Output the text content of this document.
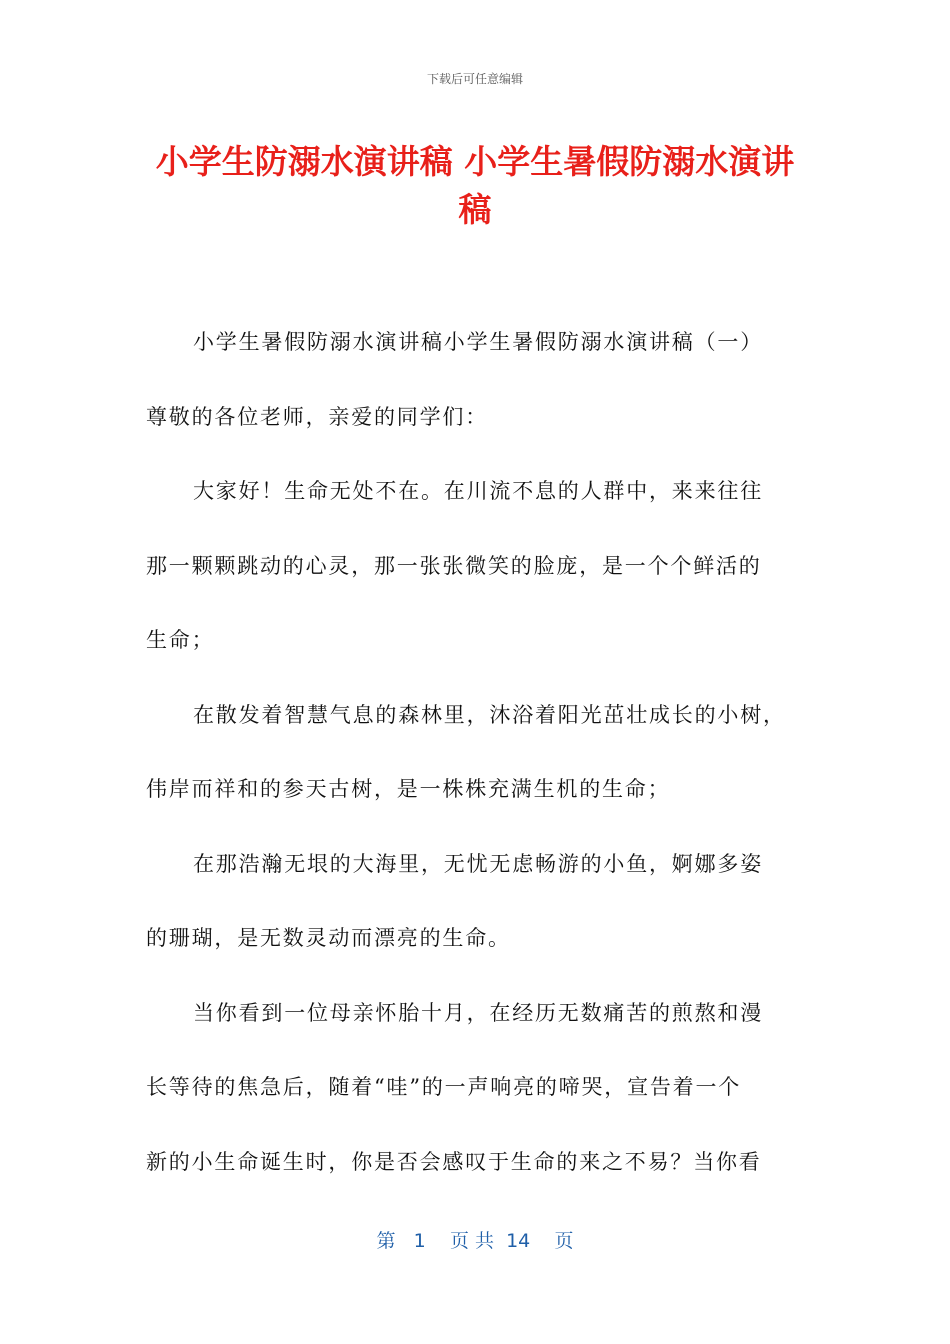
下载后可任意编辑
小学生防溺水演讲稿 小学生暑假防溺水演讲
稿
小学生暑假防溺水演讲稿小学生暑假防溺水演讲稿（一）
尊敬的各位老师，亲爱的同学们：
大家好！生命无处不在。在川流不息的人群中，来来往往
那一颗颗跳动的心灵，那一张张微笑的脸庞，是一个个鲜活的
生命；
在散发着智慧气息的森林里，沐浴着阳光茁壮成长的小树，
伟岸而祥和的参天古树，是一株株充满生机的生命；
在那浩瀚无垠的大海里，无忧无虑畅游的小鱼，婀娜多姿
的珊瑚，是无数灵动而漂亮的生命。
当你看到一位母亲怀胎十月，在经历无数痛苦的煎熬和漫
长等待的焦急后，随着“哇”的一声响亮的啼哭，宣告着一个
新的小生命诞生时，你是否会感叹于生命的来之不易？当你看
第 1 页 共 14 页
